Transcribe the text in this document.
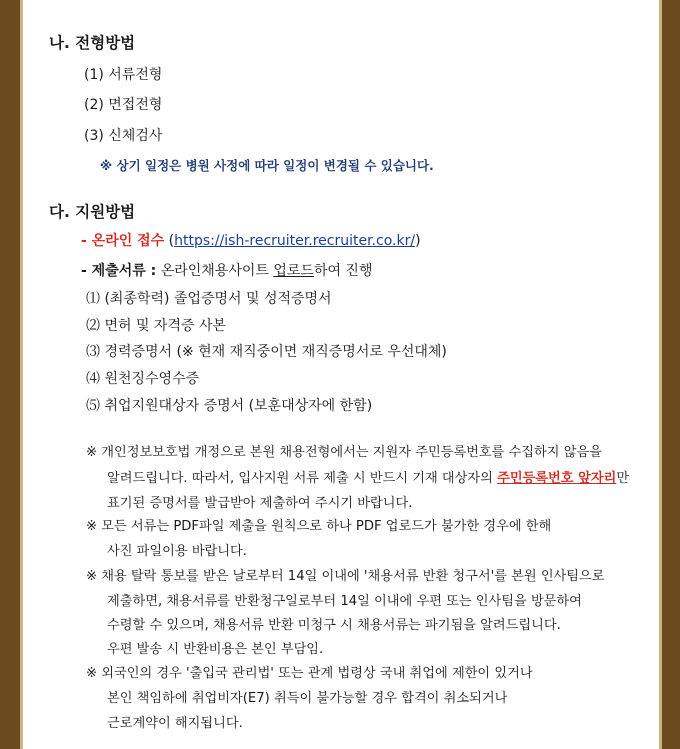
나. 전형방법
(1) 서류전형
(2) 면접전형
(3) 신체검사
※ 상기 일정은 병원 사정에 따라 일정이 변경될 수 있습니다.
다. 지원방법
- 온라인 접수 (https://ish-recruiter.recruiter.co.kr/)
- 제출서류 : 온라인채용사이트 업로드하여 진행
⑴ (최종학력) 졸업증명서 및 성적증명서
⑵ 면허 및 자격증 사본
⑶ 경력증명서 (※ 현재 재직중이면 재직증명서로 우선대체)
⑷ 원천징수영수증
⑸ 취업지원대상자 증명서 (보훈대상자에 한함)
※ 개인정보보호법 개정으로 본원 채용전형에서는 지원자 주민등록번호를 수집하지 않음을
알려드립니다. 따라서, 입사지원 서류 제출 시 반드시 기재 대상자의 주민등록번호 앞자리만
표기된 증명서를 발급받아 제출하여 주시기 바랍니다.
※ 모든 서류는 PDF파일 제출을 원칙으로 하나 PDF 업로드가 불가한 경우에 한해
사진 파일이용 바랍니다.
※ 채용 탈락 통보를 받은 날로부터 14일 이내에 '채용서류 반환 청구서'를 본원 인사팀으로
제출하면, 채용서류를 반환청구일로부터 14일 이내에 우편 또는 인사팀을 방문하여
수령할 수 있으며, 채용서류 반환 미청구 시 채용서류는 파기됨을 알려드립니다.
우편 발송 시 반환비용은 본인 부담임.
※ 외국인의 경우 '출입국 관리법' 또는 관계 법령상 국내 취업에 제한이 있거나
본인 책임하에 취업비자(E7) 취득이 불가능할 경우 합격이 취소되거나
근로계약이 해지됩니다.
